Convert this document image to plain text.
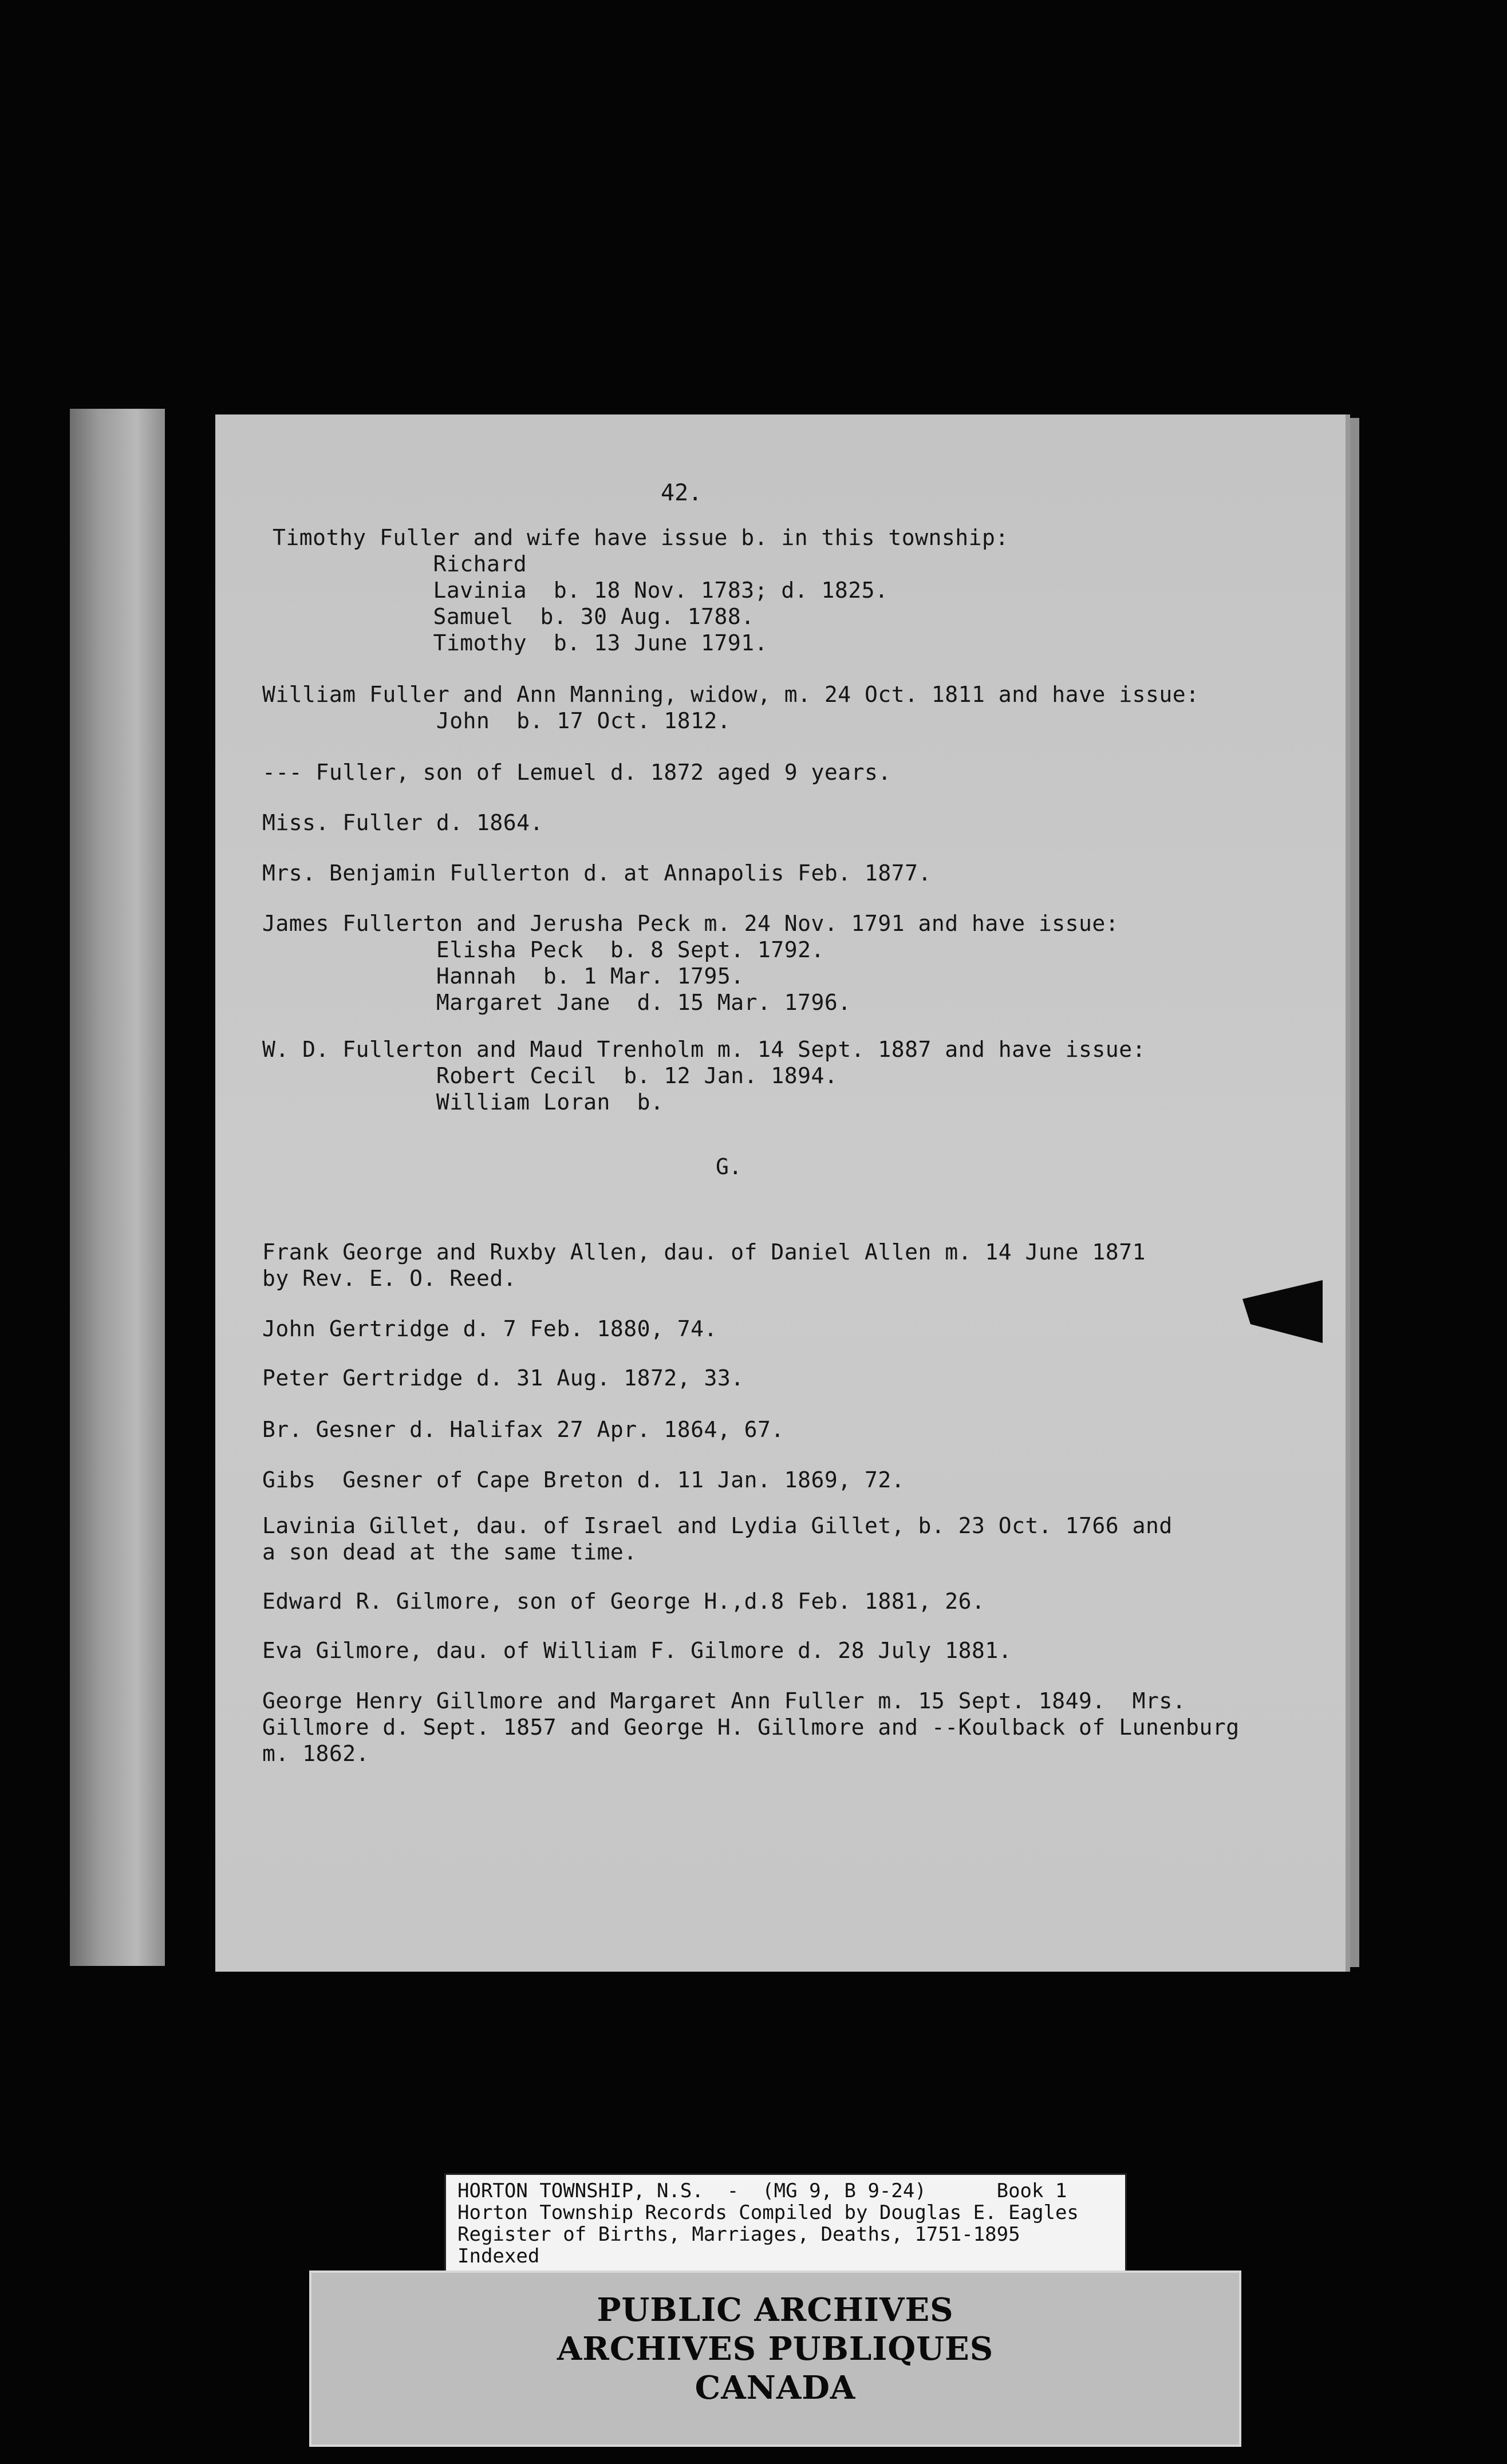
42.
Timothy Fuller and wife have issue b. in this township:
Richard
Lavinia  b. 18 Nov. 1783; d. 1825.
Samuel  b. 30 Aug. 1788.
Timothy  b. 13 June 1791.
William Fuller and Ann Manning, widow, m. 24 Oct. 1811 and have issue:
John  b. 17 Oct. 1812.
--- Fuller, son of Lemuel d. 1872 aged 9 years.
Miss. Fuller d. 1864.
Mrs. Benjamin Fullerton d. at Annapolis Feb. 1877.
James Fullerton and Jerusha Peck m. 24 Nov. 1791 and have issue:
Elisha Peck  b. 8 Sept. 1792.
Hannah  b. 1 Mar. 1795.
Margaret Jane  d. 15 Mar. 1796.
W. D. Fullerton and Maud Trenholm m. 14 Sept. 1887 and have issue:
Robert Cecil  b. 12 Jan. 1894.
William Loran  b.
G.
Frank George and Ruxby Allen, dau. of Daniel Allen m. 14 June 1871
by Rev. E. O. Reed.
John Gertridge d. 7 Feb. 1880, 74.
Peter Gertridge d. 31 Aug. 1872, 33.
Br. Gesner d. Halifax 27 Apr. 1864, 67.
Gibs  Gesner of Cape Breton d. 11 Jan. 1869, 72.
Lavinia Gillet, dau. of Israel and Lydia Gillet, b. 23 Oct. 1766 and
a son dead at the same time.
Edward R. Gilmore, son of George H.,d.8 Feb. 1881, 26.
Eva Gilmore, dau. of William F. Gilmore d. 28 July 1881.
George Henry Gillmore and Margaret Ann Fuller m. 15 Sept. 1849.  Mrs.
Gillmore d. Sept. 1857 and George H. Gillmore and --Koulback of Lunenburg
m. 1862.
HORTON TOWNSHIP, N.S.  -  (MG 9, B 9-24)      Book 1
Horton Township Records Compiled by Douglas E. Eagles
Register of Births, Marriages, Deaths, 1751-1895
Indexed
PUBLIC ARCHIVES
ARCHIVES PUBLIQUES
CANADA
